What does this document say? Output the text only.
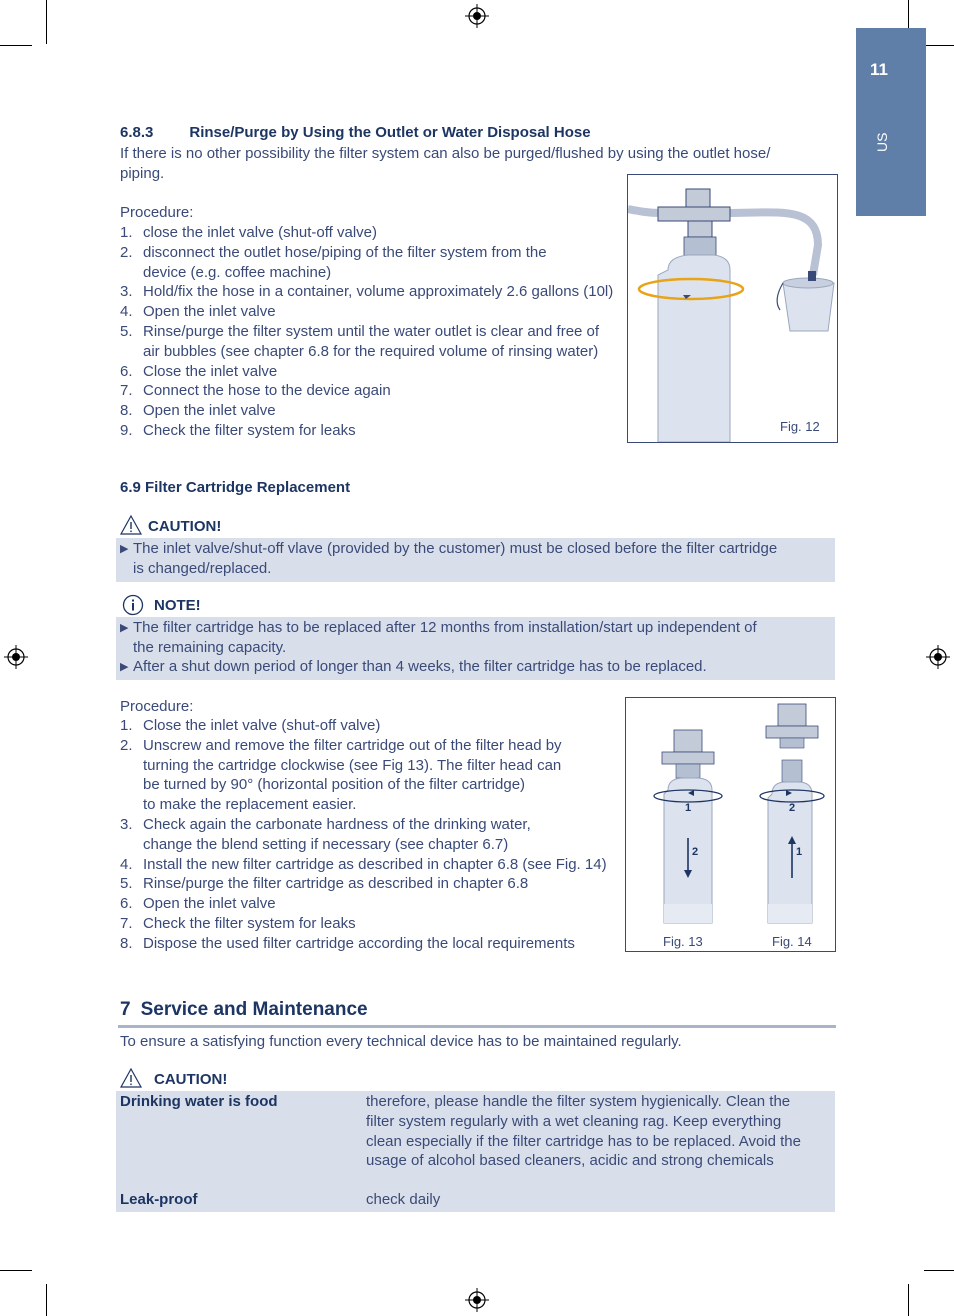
11
US
6.8.3 Rinse/Purge by Using the Outlet or Water Disposal Hose
If there is no other possibility the filter system can also be purged/flushed by using the outlet hose/
piping.
Procedure:
1. close the inlet valve (shut-off valve)
2. disconnect the outlet hose/piping of the filter system from the
device (e.g. coffee machine)
3. Hold/fix the hose in a container, volume approximately 2.6 gallons (10l)
4. Open the inlet valve
5. Rinse/purge the filter system until the water outlet is clear and free of
air bubbles (see chapter 6.8 for the required volume of rinsing water)
6. Close the inlet valve
7. Connect the hose to the device again
8. Open the inlet valve
9. Check the filter system for leaks	Fig. 12
6.9 Filter Cartridge Replacement
CAUTION!
▶ The inlet valve/shut-off vlave (provided by the customer) must be closed before the filter cartridge
is changed/replaced.
NOTE!
▶ The filter cartridge has to be replaced after 12 months from installation/start up independent of
the remaining capacity.
▶ After a shut down period of longer than 4 weeks, the filter cartridge has to be replaced.
Procedure:
1. Close the inlet valve (shut-off valve)
2. Unscrew and remove the filter cartridge out of the filter head by
turning the cartridge clockwise (see Fig 13). The filter head can
be turned by 90° (horizontal position of the filter cartridge)
to make the replacement easier.
3. Check again the carbonate hardness of the drinking water,
change the blend setting if necessary (see chapter 6.7)
4. Install the new filter cartridge as described in chapter 6.8 (see Fig. 14)
5. Rinse/purge the filter cartridge as described in chapter 6.8
6. Open the inlet valve
7. Check the filter system for leaks
8. Dispose the used filter cartridge according the local requirements
1
2
2
1
Fig. 13	Fig. 14
7 Service and Maintenance
To ensure a satisfying function every technical device has to be maintained regularly.
CAUTION!
Drinking water is food	therefore, please handle the filter system hygienically. Clean the
filter system regularly with a wet cleaning rag. Keep everything
clean especially if the filter cartridge has to be replaced. Avoid the
usage of alcohol based cleaners, acidic and strong chemicals
Leak-proof	check daily
